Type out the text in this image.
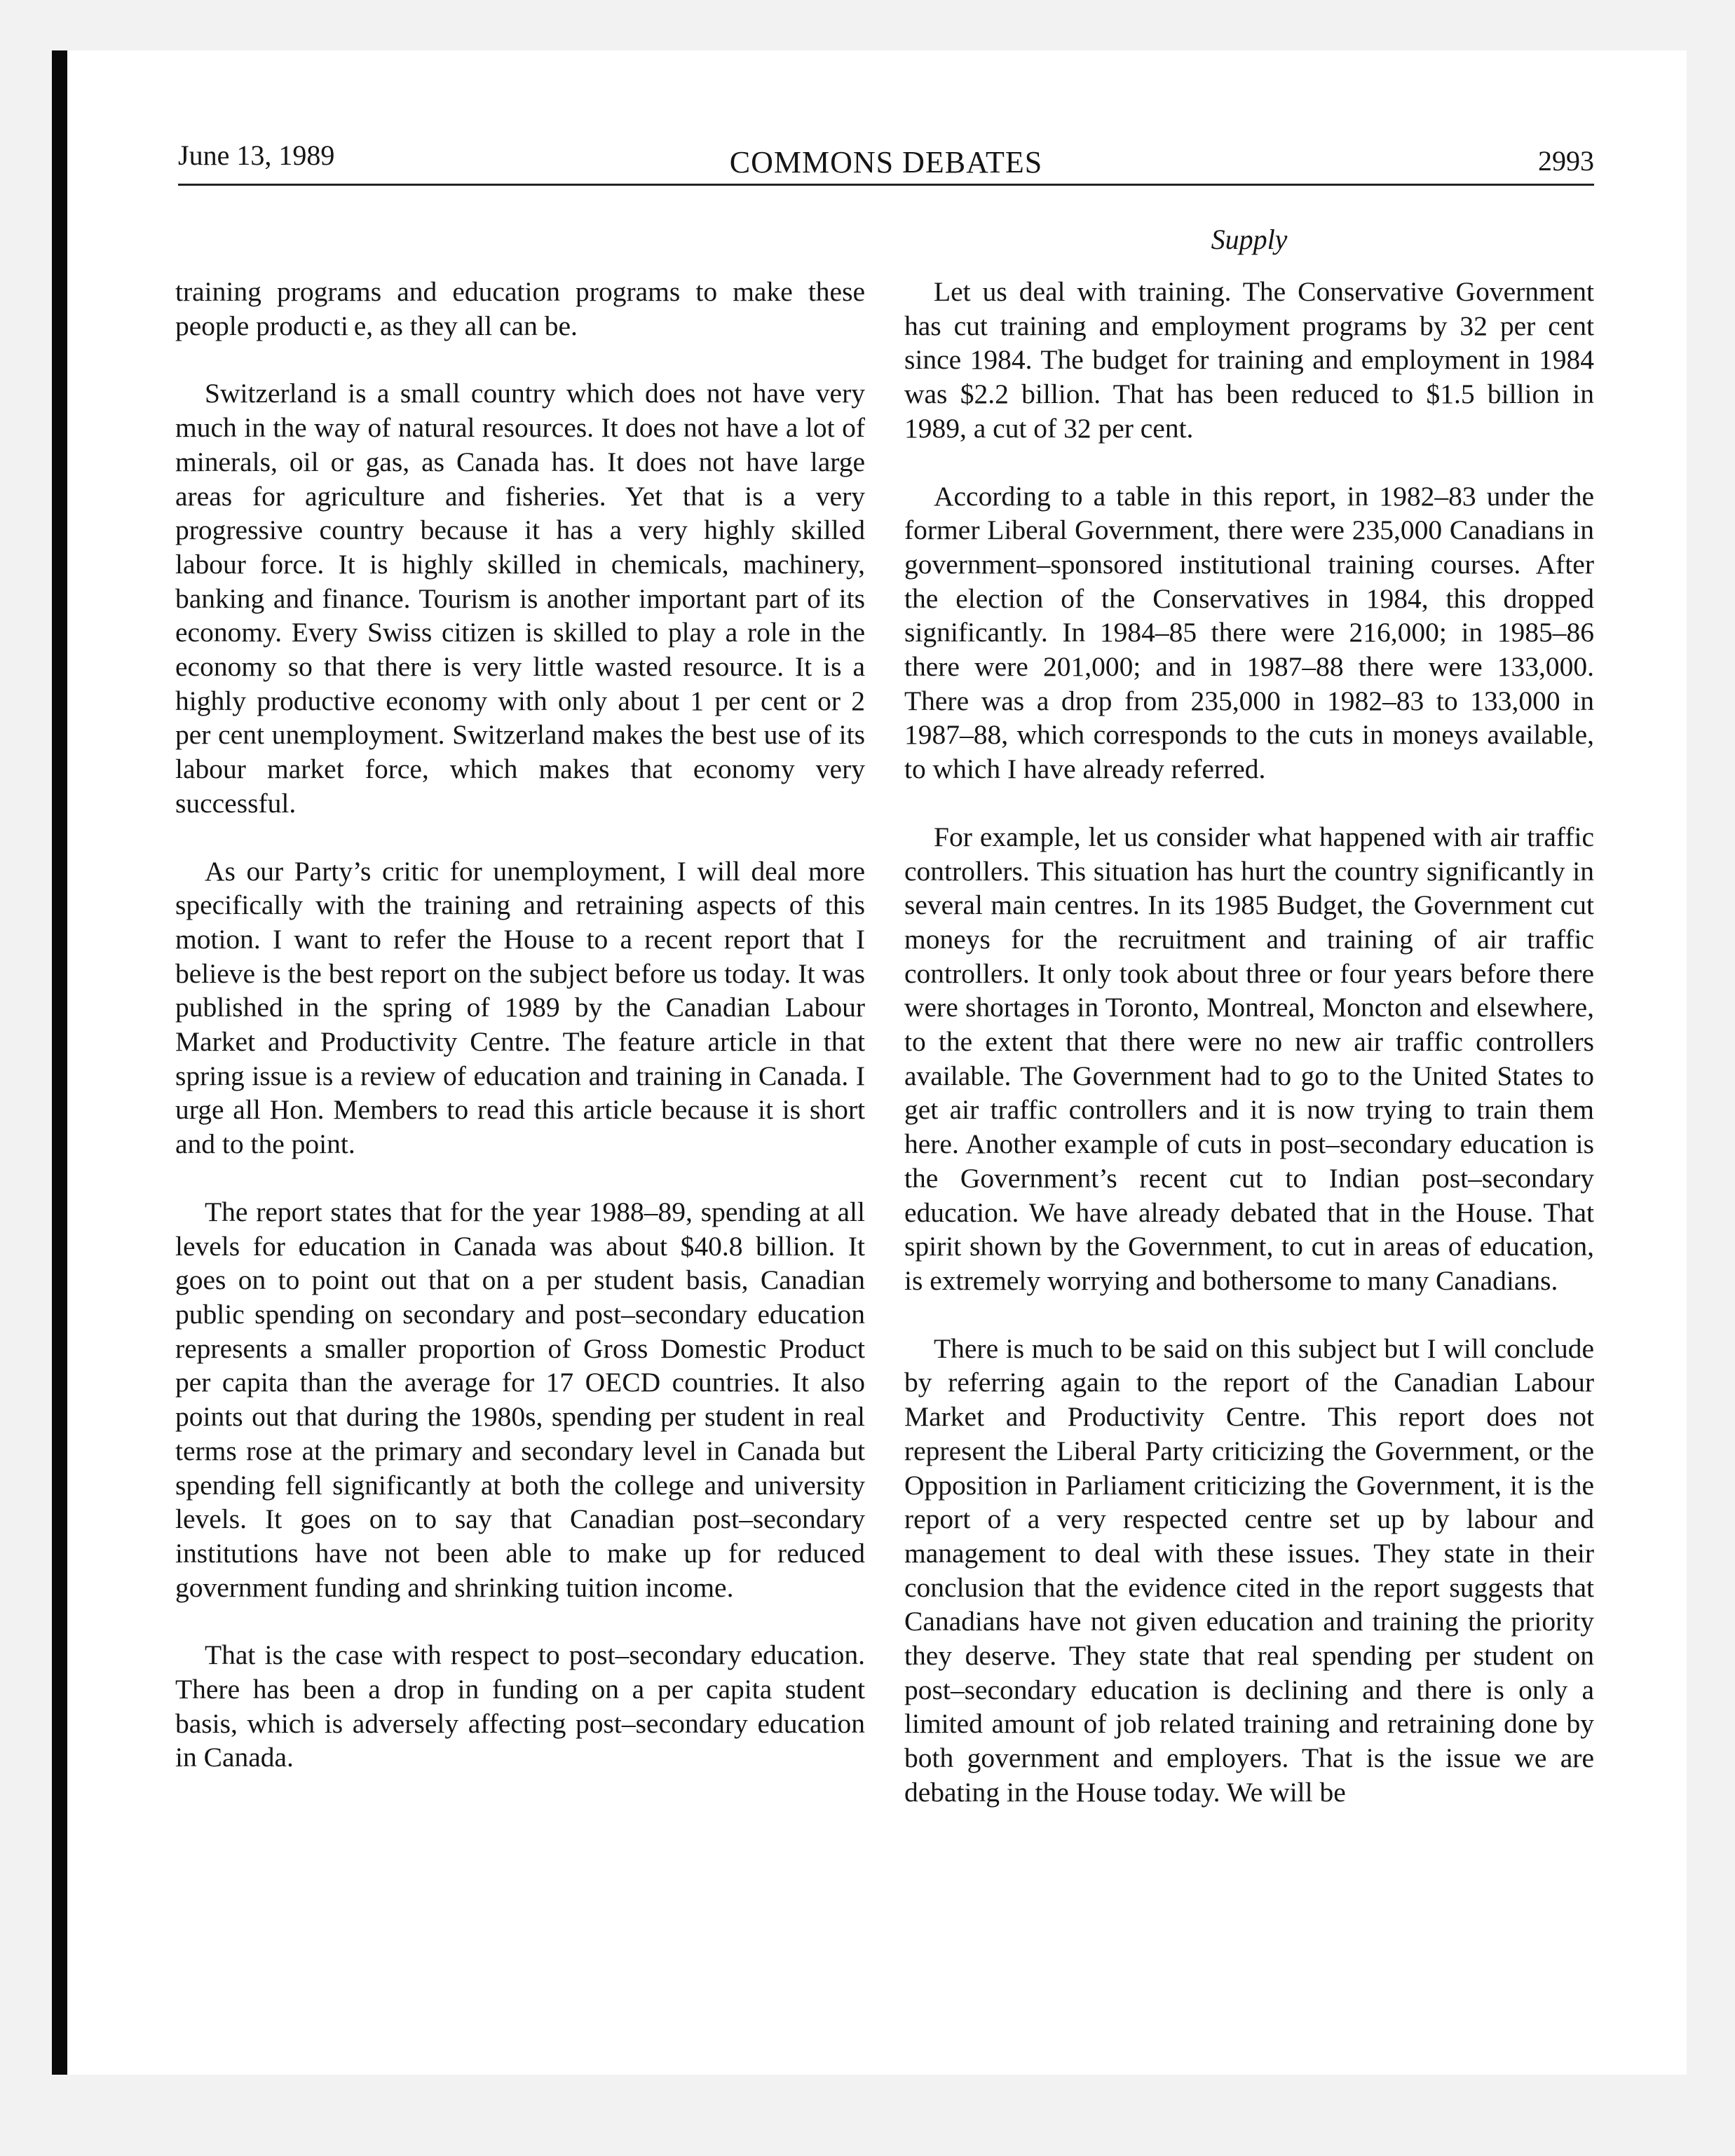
June 13, 1989	COMMONS DEBATES	2993
Supply

training programs and education programs to make these people producti e, as they all can be.

Switzerland is a small country which does not have very much in the way of natural resources. It does not have a lot of minerals, oil or gas, as Canada has. It does not have large areas for agriculture and fisheries. Yet that is a very progressive country because it has a very highly skilled labour force. It is highly skilled in chemicals, machinery, banking and finance. Tourism is another important part of its economy. Every Swiss citizen is skilled to play a role in the economy so that there is very little wasted resource. It is a highly productive economy with only about 1 per cent or 2 per cent unemployment. Switzerland makes the best use of its labour market force, which makes that economy very successful.

As our Party’s critic for unemployment, I will deal more specifically with the training and retraining aspects of this motion. I want to refer the House to a recent report that I believe is the best report on the subject before us today. It was published in the spring of 1989 by the Canadian Labour Market and Productivity Centre. The feature article in that spring issue is a review of education and training in Canada. I urge all Hon. Members to read this article because it is short and to the point.

The report states that for the year 1988–89, spending at all levels for education in Canada was about $40.8 billion. It goes on to point out that on a per student basis, Canadian public spending on secondary and post–secondary education represents a smaller proportion of Gross Domestic Product per capita than the average for 17 OECD countries. It also points out that during the 1980s, spending per student in real terms rose at the primary and secondary level in Canada but spending fell significantly at both the college and university levels. It goes on to say that Canadian post–secondary institutions have not been able to make up for reduced government funding and shrinking tuition income.

That is the case with respect to post–secondary education. There has been a drop in funding on a per capita student basis, which is adversely affecting post–secondary education in Canada.

Let us deal with training. The Conservative Government has cut training and employment programs by 32 per cent since 1984. The budget for training and employment in 1984 was $2.2 billion. That has been reduced to $1.5 billion in 1989, a cut of 32 per cent.

According to a table in this report, in 1982–83 under the former Liberal Government, there were 235,000 Canadians in government–sponsored institutional training courses. After the election of the Conservatives in 1984, this dropped significantly. In 1984–85 there were 216,000; in 1985–86 there were 201,000; and in 1987–88 there were 133,000. There was a drop from 235,000 in 1982–83 to 133,000 in 1987–88, which corresponds to the cuts in moneys available, to which I have already referred.

For example, let us consider what happened with air traffic controllers. This situation has hurt the country significantly in several main centres. In its 1985 Budget, the Government cut moneys for the recruitment and training of air traffic controllers. It only took about three or four years before there were shortages in Toronto, Montreal, Moncton and elsewhere, to the extent that there were no new air traffic controllers available. The Government had to go to the United States to get air traffic controllers and it is now trying to train them here. Another example of cuts in post–secondary education is the Government’s recent cut to Indian post–secondary education. We have already debated that in the House. That spirit shown by the Government, to cut in areas of education, is extremely worrying and bothersome to many Canadians.

There is much to be said on this subject but I will conclude by referring again to the report of the Canadian Labour Market and Productivity Centre. This report does not represent the Liberal Party criticizing the Government, or the Opposition in Parliament criticizing the Government, it is the report of a very respected centre set up by labour and management to deal with these issues. They state in their conclusion that the evidence cited in the report suggests that Canadians have not given education and training the priority they deserve. They state that real spending per student on post–secondary education is declining and there is only a limited amount of job related training and retraining done by both government and employers. That is the issue we are debating in the House today. We will be
